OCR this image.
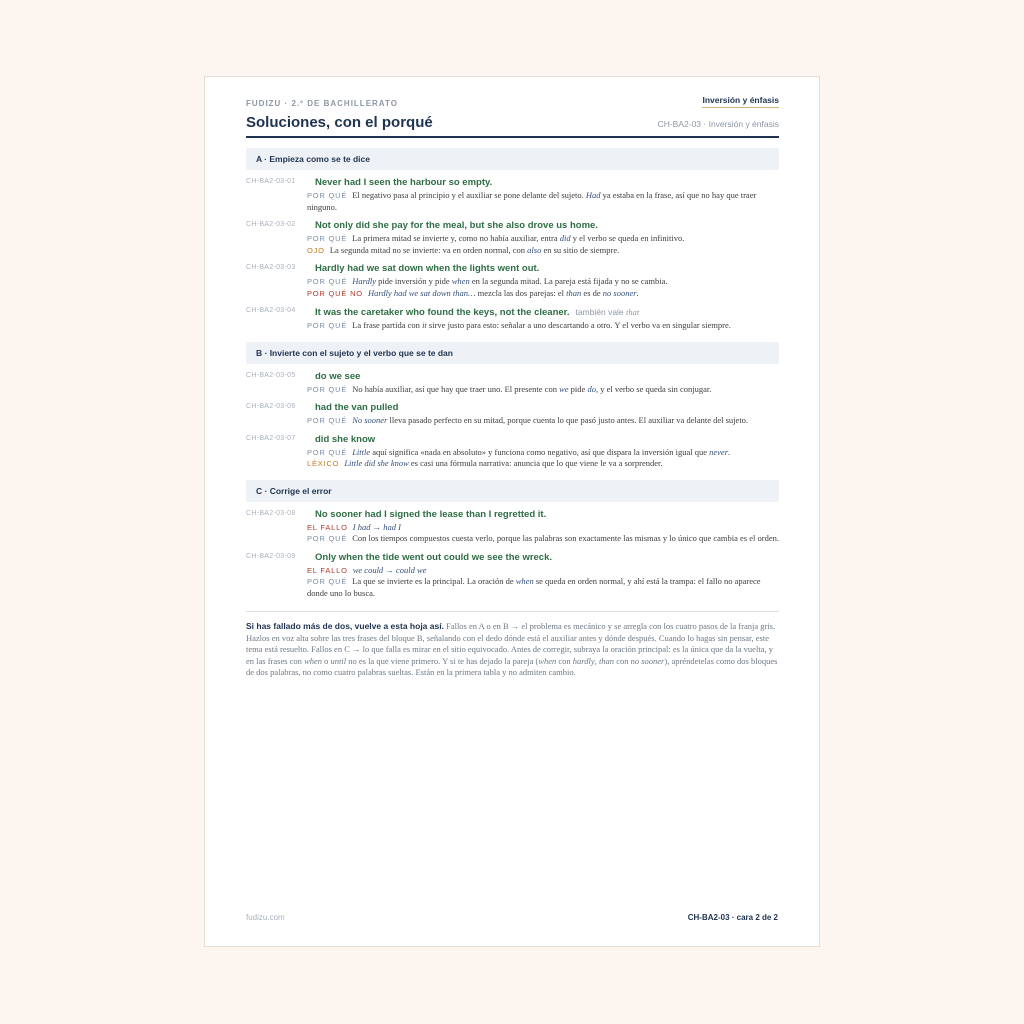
FUDIZU · 2.º DE BACHILLERATO	Inversión y énfasis
Soluciones, con el porqué	CH-BA2-03 · Inversión y énfasis
A · Empieza como se te dice
CH-BA2-03-01 Never had I seen the harbour so empty.
POR QUÉ El negativo pasa al principio y el auxiliar se pone delante del sujeto. Had ya estaba en la frase, así que no hay que traer ninguno.
CH-BA2-03-02 Not only did she pay for the meal, but she also drove us home.
POR QUÉ La primera mitad se invierte y, como no había auxiliar, entra did y el verbo se queda en infinitivo.
OJO La segunda mitad no se invierte: va en orden normal, con also en su sitio de siempre.
CH-BA2-03-03 Hardly had we sat down when the lights went out.
POR QUÉ Hardly pide inversión y pide when en la segunda mitad. La pareja está fijada y no se cambia.
POR QUÉ NO Hardly had we sat down than… mezcla las dos parejas: el than es de no sooner.
CH-BA2-03-04 It was the caretaker who found the keys, not the cleaner. también vale that
POR QUÉ La frase partida con it sirve justo para esto: señalar a uno descartando a otro. Y el verbo va en singular siempre.
B · Invierte con el sujeto y el verbo que se te dan
CH-BA2-03-05 do we see
POR QUÉ No había auxiliar, así que hay que traer uno. El presente con we pide do, y el verbo se queda sin conjugar.
CH-BA2-03-06 had the van pulled
POR QUÉ No sooner lleva pasado perfecto en su mitad, porque cuenta lo que pasó justo antes. El auxiliar va delante del sujeto.
CH-BA2-03-07 did she know
POR QUÉ Little aquí significa «nada en absoluto» y funciona como negativo, así que dispara la inversión igual que never.
LÉXICO Little did she know es casi una fórmula narrativa: anuncia que lo que viene le va a sorprender.
C · Corrige el error
CH-BA2-03-08 No sooner had I signed the lease than I regretted it.
EL FALLO I had → had I
POR QUÉ Con los tiempos compuestos cuesta verlo, porque las palabras son exactamente las mismas y lo único que cambia es el orden.
CH-BA2-03-09 Only when the tide went out could we see the wreck.
EL FALLO we could → could we
POR QUÉ La que se invierte es la principal. La oración de when se queda en orden normal, y ahí está la trampa: el fallo no aparece donde uno lo busca.
Si has fallado más de dos, vuelve a esta hoja así. Fallos en A o en B → el problema es mecánico y se arregla con los cuatro pasos de la franja gris. Hazlos en voz alta sobre las tres frases del bloque B, señalando con el dedo dónde está el auxiliar antes y dónde después. Cuando lo hagas sin pensar, este tema está resuelto. Fallos en C → lo que falla es mirar en el sitio equivocado. Antes de corregir, subraya la oración principal: es la única que da la vuelta, y en las frases con when o until no es la que viene primero. Y si te has dejado la pareja (when con hardly, than con no sooner), apréndetelas como dos bloques de dos palabras, no como cuatro palabras sueltas. Están en la primera tabla y no admiten cambio.
fudizu.com	CH-BA2-03 · cara 2 de 2
